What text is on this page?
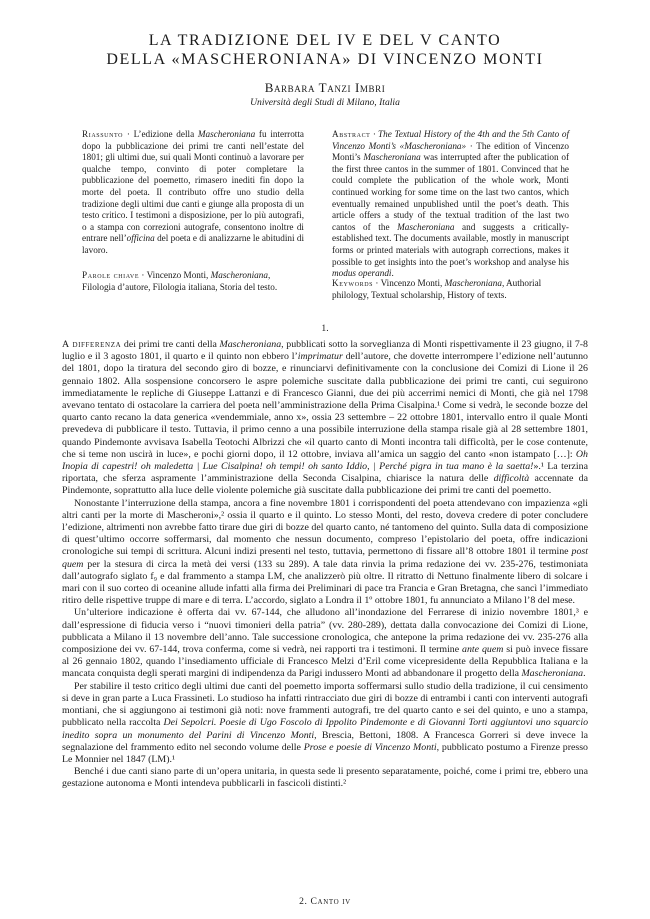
LA TRADIZIONE DEL IV E DEL V CANTO
DELLA «MASCHERONIANA» DI VINCENZO MONTI
Barbara Tanzi Imbri
Università degli Studi di Milano, Italia

Riassunto · L’edizione della Mascheroniana fu interrotta dopo la pubblicazione dei primi tre canti nell’estate del 1801; gli ultimi due, sui quali Monti continuò a lavorare per qualche tempo, convinto di poter completare la pubblicazione del poemetto, rimasero inediti fin dopo la morte del poeta. Il contributo offre uno studio della tradizione degli ultimi due canti e giunge alla proposta di un testo critico. I testimoni a disposizione, per lo più autografi, o a stampa con correzioni autografe, consentono inoltre di entrare nell’officina del poeta e di analizzarne le abitudini di lavoro.

Parole chiave · Vincenzo Monti, Mascheroniana, Filologia d’autore, Filologia italiana, Storia del testo.

Abstract · The Textual History of the 4th and the 5th Canto of Vincenzo Monti’s «Mascheroniana» · The edition of Vincenzo Monti’s Mascheroniana was interrupted after the publication of the first three cantos in the summer of 1801. Convinced that he could complete the publication of the whole work, Monti continued working for some time on the last two cantos, which eventually remained unpublished until the poet’s death. This article offers a study of the textual tradition of the last two cantos of the Mascheroniana and suggests a critically-established text. The documents available, mostly in manuscript forms or printed materials with autograph corrections, makes it possible to get insights into the poet’s workshop and analyse his modus operandi.

Keywords · Vincenzo Monti, Mascheroniana, Authorial philology, Textual scholarship, History of texts.

1.

A differenza dei primi tre canti della Mascheroniana, pubblicati sotto la sorveglianza di Monti rispettivamente il 23 giugno, il 7-8 luglio e il 3 agosto 1801, il quarto e il quinto non ebbero l’imprimatur dell’autore, che dovette interrompere l’edizione nell’autunno del 1801, dopo la tiratura del secondo giro di bozze, e rinunciarvi definitivamente con la conclusione dei Comizi di Lione il 26 gennaio 1802. Alla sospensione concorsero le aspre polemiche suscitate dalla pubblicazione dei primi tre canti, cui seguirono immediatamente le repliche di Giuseppe Lattanzi e di Francesco Gianni, due dei più accerrimi nemici di Monti, che già nel 1798 avevano tentato di ostacolare la carriera del poeta nell’amministrazione della Prima Cisalpina.¹ Come si vedrà, le seconde bozze del quarto canto recano la data generica «vendemmiale, anno x», ossia 23 settembre – 22 ottobre 1801, intervallo entro il quale Monti prevedeva di pubblicare il testo. Tuttavia, il primo cenno a una possibile interruzione della stampa risale già al 28 settembre 1801, quando Pindemonte avvisava Isabella Teotochi Albrizzi che «il quarto canto di Monti incontra tali difficoltà, per le cose contenute, che si teme non uscirà in luce», e pochi giorni dopo, il 12 ottobre, inviava all’amica un saggio del canto «non istampato […]: Oh Inopia di capestri! oh maledetta | Lue Cisalpina! oh tempi! oh santo Iddio, | Perché pigra in tua mano è la saetta!».¹ La terzina riportata, che sferza aspramente l’amministrazione della Seconda Cisalpina, chiarisce la natura delle difficoltà accennate da Pindemonte, soprattutto alla luce delle violente polemiche già suscitate dalla pubblicazione dei primi tre canti del poemetto.

Nonostante l’interruzione della stampa, ancora a fine novembre 1801 i corrispondenti del poeta attendevano con impazienza «gli altri canti per la morte di Mascheroni»,² ossia il quarto e il quinto. Lo stesso Monti, del resto, doveva credere di poter concludere l’edizione, altrimenti non avrebbe fatto tirare due giri di bozze del quarto canto, né tantomeno del quinto. Sulla data di composizione di quest’ultimo occorre soffermarsi, dal momento che nessun documento, compreso l’epistolario del poeta, offre indicazioni cronologiche sui tempi di scrittura. Alcuni indizi presenti nel testo, tuttavia, permettono di fissare all’8 ottobre 1801 il termine post quem per la stesura di circa la metà dei versi (133 su 289). A tale data rinvia la prima redazione dei vv. 235-276, testimoniata dall’autografo siglato f₉ e dal frammento a stampa LM, che analizzerò più oltre. Il ritratto di Nettuno finalmente libero di solcare i mari con il suo corteo di oceanine allude infatti alla firma dei Preliminari di pace tra Francia e Gran Bretagna, che sancì l’immediato ritiro delle rispettive truppe di mare e di terra. L’accordo, siglato a Londra il 1º ottobre 1801, fu annunciato a Milano l’8 del mese.

Un’ulteriore indicazione è offerta dai vv. 67-144, che alludono all’inondazione del Ferrarese di inizio novembre 1801,³ e dall’espressione di fiducia verso i “nuovi timonieri della patria” (vv. 280-289), dettata dalla convocazione dei Comizi di Lione, pubblicata a Milano il 13 novembre dell’anno. Tale successione cronologica, che antepone la prima redazione dei vv. 235-276 alla composizione dei vv. 67-144, trova conferma, come si vedrà, nei rapporti tra i testimoni. Il termine ante quem si può invece fissare al 26 gennaio 1802, quando l’insediamento ufficiale di Francesco Melzi d’Eril come vicepresidente della Repubblica Italiana e la mancata conquista degli sperati margini di indipendenza da Parigi indussero Monti ad abbandonare il progetto della Mascheroniana.

Per stabilire il testo critico degli ultimi due canti del poemetto importa soffermarsi sullo studio della tradizione, il cui censimento si deve in gran parte a Luca Frassineti. Lo studioso ha infatti rintracciato due giri di bozze di entrambi i canti con interventi autografi montiani, che si aggiungono ai testimoni già noti: nove frammenti autografi, tre del quarto canto e sei del quinto, e uno a stampa, pubblicato nella raccolta Dei Sepolcri. Poesie di Ugo Foscolo di Ippolito Pindemonte e di Giovanni Torti aggiuntovi uno squarcio inedito sopra un monumento del Parini di Vincenzo Monti, Brescia, Bettoni, 1808. A Francesca Gorreri si deve invece la segnalazione del frammento edito nel secondo volume delle Prose e poesie di Vincenzo Monti, pubblicato postumo a Firenze presso Le Monnier nel 1847 (LM).¹

Benché i due canti siano parte di un’opera unitaria, in questa sede li presento separatamente, poiché, come i primi tre, ebbero una gestazione autonoma e Monti intendeva pubblicarli in fascicoli distinti.²

2. Canto iv
